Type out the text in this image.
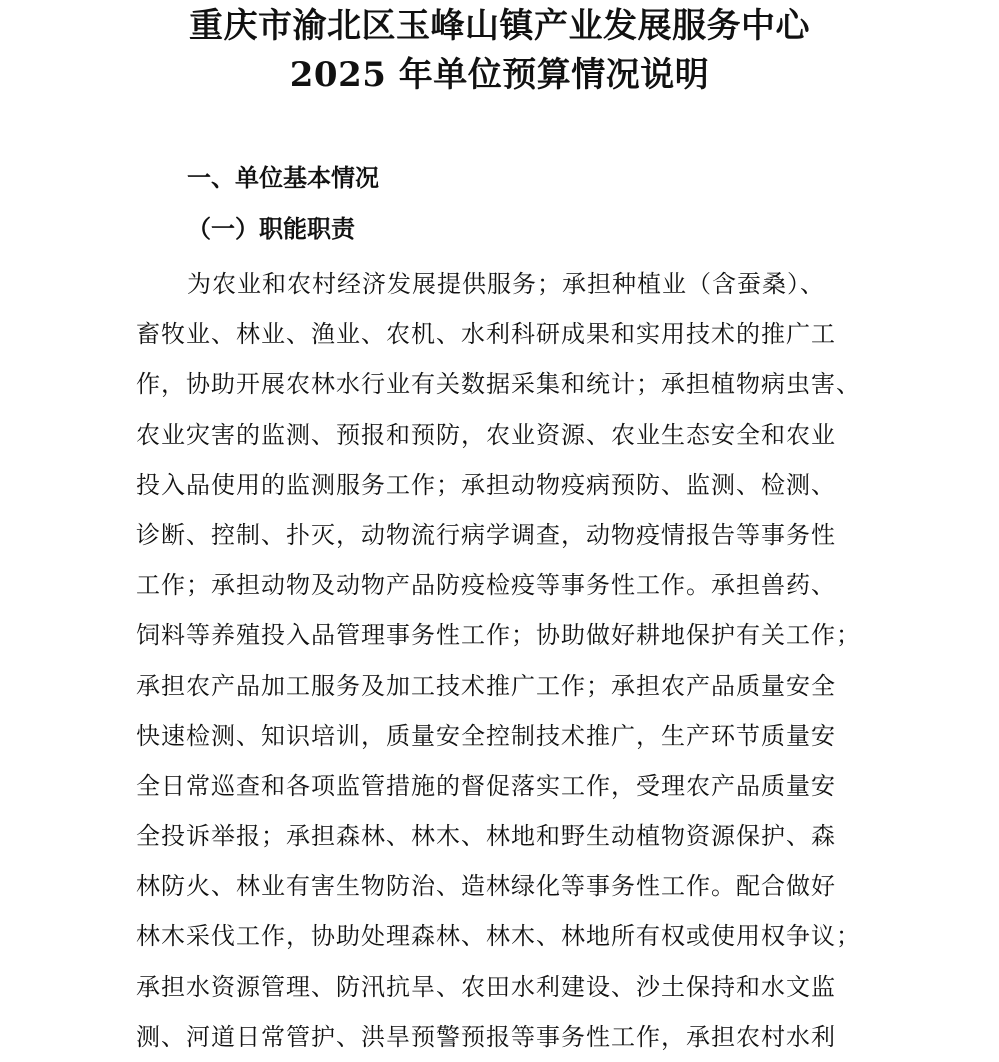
重庆市渝北区玉峰山镇产业发展服务中心
2025 年单位预算情况说明
一、单位基本情况
（一）职能职责

为农业和农村经济发展提供服务；承担种植业（含蚕桑）、
畜牧业、林业、渔业、农机、水利科研成果和实用技术的推广工
作，协助开展农林水行业有关数据采集和统计；承担植物病虫害、
农业灾害的监测、预报和预防，农业资源、农业生态安全和农业
投入品使用的监测服务工作；承担动物疫病预防、监测、检测、
诊断、控制、扑灭，动物流行病学调查，动物疫情报告等事务性
工作；承担动物及动物产品防疫检疫等事务性工作。承担兽药、
饲料等养殖投入品管理事务性工作；协助做好耕地保护有关工作；
承担农产品加工服务及加工技术推广工作；承担农产品质量安全
快速检测、知识培训，质量安全控制技术推广，生产环节质量安
全日常巡查和各项监管措施的督促落实工作，受理农产品质量安
全投诉举报；承担森林、林木、林地和野生动植物资源保护、森
林防火、林业有害生物防治、造林绿化等事务性工作。配合做好
林木采伐工作，协助处理森林、林木、林地所有权或使用权争议；
承担水资源管理、防汛抗旱、农田水利建设、沙土保持和水文监
测、河道日常管护、洪旱预警预报等事务性工作，承担农村水利
